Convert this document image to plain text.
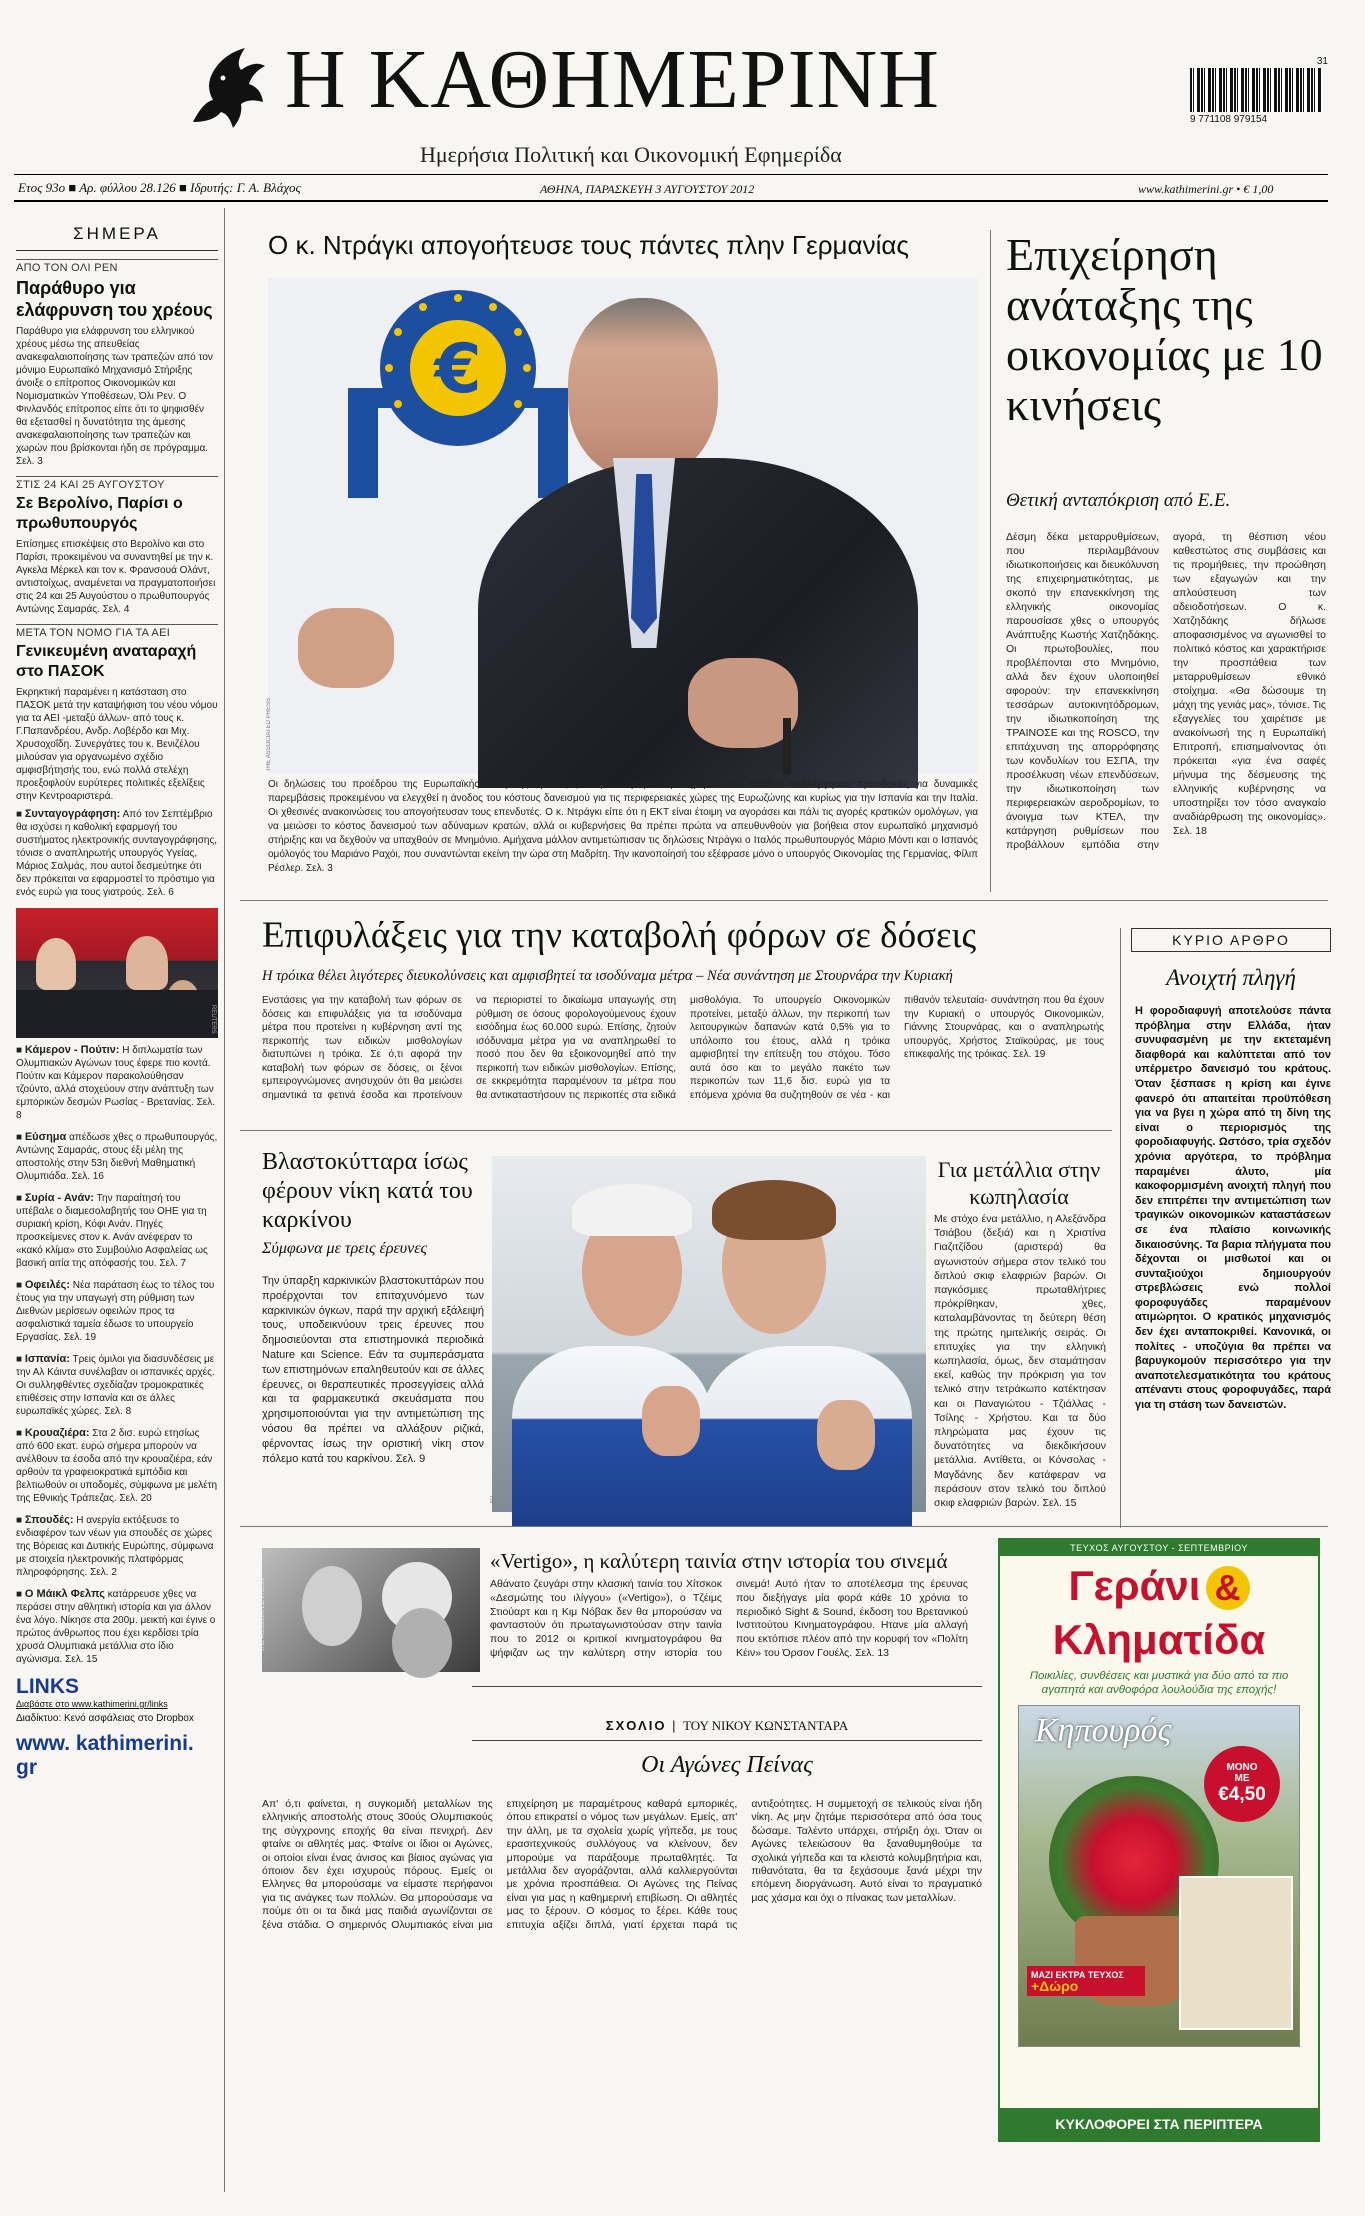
Η ΚΑΘΗΜΕΡΙΝΗ
Ημερήσια Πολιτική και Οικονομική Εφημερίδα
31
9 771108 979154
Ετος 93ο ■ Αρ. φύλλου 28.126 ■ Ιδρυτής: Γ. Α. Βλάχος	ΑΘΗΝΑ, ΠΑΡΑΣΚΕΥΗ 3 ΑΥΓΟΥΣΤΟΥ 2012	www.kathimerini.gr • € 1,00
ΣΗΜΕΡΑ
ΑΠΟ ΤΟΝ ΟΛΙ ΡΕΝ
Παράθυρο για ελάφρυνση του χρέους
Παράθυρο για ελάφρυνση του ελληνικού χρέους μέσω της απευθείας ανακεφαλαιοποίησης των τραπεζών από τον μόνιμο Ευρωπαϊκό Μηχανισμό Στήριξης άνοιξε ο επίτροπος Οικονομικών και Νομισματικών Υποθέσεων, Όλι Ρεν. Ο Φινλανδός επίτροπος είπε ότι το ψηφισθέν θα εξετασθεί η δυνατότητα της άμεσης ανακεφαλαιοποίησης των τραπεζών και χωρών που βρίσκονται ήδη σε πρόγραμμα. Σελ. 3
ΣΤΙΣ 24 ΚΑΙ 25 ΑΥΓΟΥΣΤΟΥ
Σε Βερολίνο, Παρίσι ο πρωθυπουργός
Επίσημες επισκέψεις στο Βερολίνο και στο Παρίσι, προκειμένου να συναντηθεί με την κ. Αγκελα Μέρκελ και τον κ. Φρανσουά Ολάντ, αντιστοίχως, αναμένεται να πραγματοποιήσει στις 24 και 25 Αυγούστου ο πρωθυπουργός Αντώνης Σαμαράς. Σελ. 4
ΜΕΤΑ ΤΟΝ ΝΟΜΟ ΓΙΑ ΤΑ ΑΕΙ
Γενικευμένη αναταραχή στο ΠΑΣΟΚ
Εκρηκτική παραμένει η κατάσταση στο ΠΑΣΟΚ μετά την καταψήφιση του νέου νόμου για τα ΑΕΙ -μεταξύ άλλων- από τους κ. Γ.Παπανδρέου, Ανδρ. Λοβέρδο και Μιχ. Χρυσοχοΐδη. Συνεργάτες του κ. Βενιζέλου μιλούσαν για οργανωμένο σχέδιο αμφισβήτησής του, ενώ πολλά στελέχη προεξοφλούν ευρύτερες πολιτικές εξελίξεις στην Κεντροαριστερά.
■ Συνταγογράφηση: Από τον Σεπτέμβριο θα ισχύσει η καθολική εφαρμογή του συστήματος ηλεκτρονικής συνταγογράφησης, τόνισε ο αναπληρωτής υπουργός Υγείας, Μάριος Σαλμάς, που αυτοί δεσμεύτηκε ότι δεν πρόκειται να εφαρμοστεί το πρόστιμο για ενός ευρώ για τους γιατρούς. Σελ. 6
REUTERS
■ Κάμερον - Πούτιν: Η διπλωματία των Ολυμπιακών Αγώνων τους έφερε πιο κοντά. Πούτιν και Κάμερον παρακολούθησαν τζούντο, αλλά στοχεύουν στην ανάπτυξη των εμπορικών δεσμών Ρωσίας - Βρετανίας. Σελ. 8
■ Εύσημα απέδωσε χθες ο πρωθυπουργός, Αντώνης Σαμαράς, στους έξι μέλη της αποστολής στην 53η διεθνή Μαθηματική Ολυμπιάδα. Σελ. 16
■ Συρία - Ανάν: Την παραίτησή του υπέβαλε ο διαμεσολαβητής του ΟΗΕ για τη συριακή κρίση, Κόφι Ανάν. Πηγές προσκείμενες στον κ. Ανάν ανέφεραν το «κακό κλίμα» στο Συμβούλιο Ασφαλείας ως βασική αιτία της απόφασής του. Σελ. 7
■ Οφειλές: Νέα παράταση έως το τέλος του έτους για την υπαγωγή στη ρύθμιση των Διεθνών μερίσεων οφειλών προς τα ασφαλιστικά ταμεία έδωσε το υπουργείο Εργασίας. Σελ. 19
■ Ισπανία: Τρεις όμιλοι για διασυνδέσεις με την Αλ Κάιντα συνέλαβαν οι ισπανικές αρχές. Οι συλληφθέντες σχεδίαζαν τρομοκρατικές επιθέσεις στην Ισπανία και σε άλλες ευρωπαϊκές χώρες. Σελ. 8
■ Κρουαζιέρα: Στα 2 δισ. ευρώ ετησίως από 600 εκατ. ευρώ σήμερα μπορούν να ανέλθουν τα έσοδα από την κρουαζιέρα, εάν αρθούν τα γραφειοκρατικά εμπόδια και βελτιωθούν οι υποδομές, σύμφωνα με μελέτη της Εθνικής Τράπεζας. Σελ. 20
■ Σπουδές: Η ανεργία εκτόξευσε το ενδιαφέρον των νέων για σπουδές σε χώρες της Βόρειας και Δυτικής Ευρώπης, σύμφωνα με στοιχεία ηλεκτρονικής πλατφόρμας πληροφόρησης. Σελ. 2
■ Ο Μάικλ Φελπς κατάρρευσε χθες να περάσει στην αθλητική ιστορία και για άλλον ένα λόγο. Νίκησε στα 200μ. μεικτή και έγινε ο πρώτος άνθρωπος που έχει κερδίσει τρία χρυσά Ολυμπιακά μετάλλια στο ίδιο αγώνισμα. Σελ. 15
LINKS
Διαβάστε στο www.kathimerini.gr/links
Διαδίκτυο: Κενό ασφάλειας στο Dropbox
www. kathimerini. gr
Ο κ. Ντράγκι απογοήτευσε τους πάντες πλην Γερμανίας
€
THE ASSOCIATED PRESS
Οι δηλώσεις του προέδρου της Ευρωπαϊκής Κεντρικής Τράπεζας, Μάριο Ντράγκι, προ ημερών στο Λονδίνο καλλιέργησαν προσδοκίες για δυναμικές παρεμβάσεις προκειμένου να ελεγχθεί η άνοδος του κόστους δανεισμού για τις περιφερειακές χώρες της Ευρωζώνης και κυρίως για την Ισπανία και την Ιταλία. Οι χθεσινές ανακοινώσεις του απογοήτευσαν τους επενδυτές. Ο κ. Ντράγκι είπε ότι η ΕΚΤ είναι έτοιμη να αγοράσει και πάλι τις αγορές κρατικών ομολόγων, για να μειώσει το κόστος δανεισμού των αδύναμων κρατών, αλλά οι κυβερνήσεις θα πρέπει πρώτα να απευθυνθούν για βοήθεια στον ευρωπαϊκό μηχανισμό στήριξης και να δεχθούν να υπαχθούν σε Μνημόνιο. Αμήχανα μάλλον αντιμετώπισαν τις δηλώσεις Ντράγκι ο Ιταλός πρωθυπουργός Μάριο Μόντι και ο Ισπανός ομόλογός του Μαριάνο Ραχόι, που συναντώνται εκείνη την ώρα στη Μαδρίτη. Την ικανοποίησή του εξέφρασε μόνο ο υπουργός Οικονομίας της Γερμανίας, Φίλιπ Ρέσλερ. Σελ. 3
Επιχείρηση ανάταξης της οικονομίας με 10 κινήσεις
Θετική ανταπόκριση από Ε.Ε.
Δέσμη δέκα μεταρρυθμίσεων, που περιλαμβάνουν ιδιωτικοποιήσεις και διευκόλυνση της επιχειρηματικότητας, με σκοπό την επανεκκίνηση της ελληνικής οικονομίας παρουσίασε χθες ο υπουργός Ανάπτυξης Κωστής Χατζηδάκης. Οι πρωτοβουλίες, που προβλέπονται στο Μνημόνιο, αλλά δεν έχουν υλοποιηθεί αφορούν: την επανεκκίνηση τεσσάρων αυτοκινητόδρομων, την ιδιωτικοποίηση της ΤΡΑΙΝΟΣΕ και της ROSCO, την επιτάχυνση της απορρόφησης των κονδυλίων του ΕΣΠΑ, την προσέλκυση νέων επενδύσεων, την ιδιωτικοποίηση των περιφερειακών αεροδρομίων, το άνοιγμα των ΚΤΕΛ, την κατάργηση ρυθμίσεων που προβάλλουν εμπόδια στην αγορά, τη θέσπιση νέου καθεστώτος στις συμβάσεις και τις προμήθειες, την προώθηση των εξαγωγών και την απλούστευση των αδειοδοτήσεων. Ο κ. Χατζηδάκης δήλωσε αποφασισμένος να αγωνισθεί το πολιτικό κόστος και χαρακτήρισε την προσπάθεια των μεταρρυθμίσεων εθνικό στοίχημα. «Θα δώσουμε τη μάχη της γενιάς μας», τόνισε. Τις εξαγγελίες του χαιρέτισε με ανακοίνωσή της η Ευρωπαϊκή Επιτροπή, επισημαίνοντας ότι πρόκειται «για ένα σαφές μήνυμα της δέσμευσης της ελληνικής κυβέρνησης να υποστηρίξει τον τόσο αναγκαίο αναδιάρθρωση της οικονομίας». Σελ. 18
Επιφυλάξεις για την καταβολή φόρων σε δόσεις
Η τρόικα θέλει λιγότερες διευκολύνσεις και αμφισβητεί τα ισοδύναμα μέτρα – Νέα συνάντηση με Στουρνάρα την Κυριακή
Ενστάσεις για την καταβολή των φόρων σε δόσεις και επιφυλάξεις για τα ισοδύναμα μέτρα που προτείνει η κυβέρνηση αντί της περικοπής των ειδικών μισθολογίων διατυπώνει η τρόικα. Σε ό,τι αφορά την καταβολή των φόρων σε δόσεις, οι ξένοι εμπειρογνώμονες ανησυχούν ότι θα μειώσει σημαντικά τα φετινά έσοδα και προτείνουν να περιοριστεί το δικαίωμα υπαγωγής στη ρύθμιση σε όσους φορολογούμενους έχουν εισόδημα έως 60.000 ευρώ. Επίσης, ζητούν ισόδυναμα μέτρα για να αναπληρωθεί το ποσό που δεν θα εξοικονομηθεί από την περικοπή των ειδικών μισθολογίων. Επίσης, σε εκκρεμότητα παραμένουν τα μέτρα που θα αντικαταστήσουν τις περικοπές στα ειδικά μισθολόγια. Το υπουργείο Οικονομικών προτείνει, μεταξύ άλλων, την περικοπή των λειτουργικών δαπανών κατά 0,5% για το υπόλοιπο του έτους, αλλά η τρόικα αμφισβητεί την επίτευξη του στόχου. Τόσο αυτά όσο και το μεγάλο πακέτο των περικοπών των 11,6 δισ. ευρώ για τα επόμενα χρόνια θα συζητηθούν σε νέα - και πιθανόν τελευταία- συνάντηση που θα έχουν την Κυριακή ο υπουργός Οικονομικών, Γιάννης Στουρνάρας, και ο αναπληρωτής υπουργός, Χρήστος Σταϊκούρας, με τους επικεφαλής της τρόικας. Σελ. 19
ΚΥΡΙΟ ΑΡΘΡΟ
Ανοιχτή πληγή
Η φοροδιαφυγή αποτελούσε πάντα πρόβλημα στην Ελλάδα, ήταν συνυφασμένη με την εκτεταμένη διαφθορά και καλύπτεται από τον υπέρμετρο δανεισμό του κράτους. Όταν ξέσπασε η κρίση και έγινε φανερό ότι απαιτείται προϋπόθεση για να βγει η χώρα από τη δίνη της είναι ο περιορισμός της φοροδιαφυγής. Ωστόσο, τρία σχεδόν χρόνια αργότερα, το πρόβλημα παραμένει άλυτο, μία κακοφορμισμένη ανοιχτή πληγή που δεν επιτρέπει την αντιμετώπιση των τραγικών οικονομικών καταστάσεων σε ένα πλαίσιο κοινωνικής δικαιοσύνης. Τα βαρια πλήγματα που δέχονται οι μισθωτοί και οι συνταξιούχοι δημιουργούν στρεβλώσεις ενώ πολλοί φοροφυγάδες παραμένουν ατιμώρητοι. Ο κρατικός μηχανισμός δεν έχει ανταποκριθεί. Κανονικά, οι πολίτες - υποζύγια θα πρέπει να βαρυγκομούν περισσότερο για την αναποτελεσματικότητα του κράτους απέναντι στους φοροφυγάδες, παρά για τη στάση των δανειστών.
Βλαστοκύτταρα ίσως φέρουν νίκη κατά του καρκίνου
Σύμφωνα με τρεις έρευνες
Την ύπαρξη καρκινικών βλαστοκυττάρων που προέρχονται τον επιταχυνόμενο των καρκινικών όγκων, παρά την αρχική εξάλειψή τους, υποδεικνύουν τρεις έρευνες που δημοσιεύονται στα επιστημονικά περιοδικά Nature και Science. Εάν τα συμπεράσματα των επιστημόνων επαληθευτούν και σε άλλες έρευνες, οι θεραπευτικές προσεγγίσεις αλλά και τα φαρμακευτικά σκευάσματα που χρησιμοποιούνται για την αντιμετώπιση της νόσου θα πρέπει να αλλάξουν ριζικά, φέρνοντας ίσως την οριστική νίκη στον πόλεμο κατά του καρκίνου. Σελ. 9
AP
Για μετάλλια στην κωπηλασία
Με στόχο ένα μετάλλιο, η Αλεξάνδρα Τσιάβου (δεξιά) και η Χριστίνα Γιαζιτζίδου (αριστερά) θα αγωνιστούν σήμερα στον τελικό του διπλού σκιφ ελαφριών βαρών. Οι παγκόσμιες πρωταθλήτριες πρόκρίθηκαν, χθες, καταλαμβάνοντας τη δεύτερη θέση της πρώτης ημιτελικής σειράς. Οι επιτυχίες για την ελληνική κωπηλασία, όμως, δεν σταμάτησαν εκεί, καθώς την πρόκριση για τον τελικό στην τετράκωπο κατέκτησαν και οι Παναγιώτου - Τζιάλλας - Τσίλης - Χρήστου. Και τα δύο πληρώματα μας έχουν τις δυνατότητες να διεκδικήσουν μετάλλια. Αντίθετα, οι Κόνσολας - Μαγδάνης δεν κατάφεραν να περάσουν στον τελικό του διπλού σκιφ ελαφριών βαρών. Σελ. 15
THE ASSOCIATED PRESS
«Vertigo», η καλύτερη ταινία στην ιστορία του σινεμά
Αθάνατο ζευγάρι στην κλασική ταινία του Χίτσκοκ «Δεσμώτης του ιλίγγου» («Vertigo»), ο Τζέιμς Στιούαρτ και η Κιμ Νόβακ δεν θα μπορούσαν να φανταστούν ότι πρωταγωνιστούσαν στην ταινία που το 2012 οι κριτικοί κινηματογράφου θα ψήφιζαν ως την καλύτερη στην ιστορία του σινεμά! Αυτό ήταν το αποτέλεσμα της έρευνας που διεξήγαγε μία φορά κάθε 10 χρόνια το περιοδικό Sight & Sound, έκδοση του Βρετανικού Ινστιτούτου Κινηματογράφου. Ητανε μία αλλαγή που εκτόπισε πλέον από την κορυφή τον «Πολίτη Κέιν» του Όρσον Γουέλς. Σελ. 13
ΣΧΟΛΙΟ | ΤΟΥ ΝΙΚΟΥ ΚΩΝΣΤΑΝΤΑΡΑ
Οι Αγώνες Πείνας
Απ' ό,τι φαίνεται, η συγκομιδή μεταλλίων της ελληνικής αποστολής στους 30ούς Ολυμπιακούς της σύγχρονης εποχής θα είναι πενιχρή. Δεν φταίνε οι αθλητές μας. Φταίνε οι ίδιοι οι Αγώνες, οι οποίοι είναι ένας άνισος και βίαιος αγώνας για όποιον δεν έχει ισχυρούς πόρους. Εμείς οι Ελληνες θα μπορούσαμε να είμαστε περήφανοι για τις ανάγκες των πολλών. Θα μπορούσαμε να πούμε ότι οι τα δικά μας παιδιά αγωνίζονται σε ξένα στάδια. Ο σημερινός Ολυμπιακός είναι μια επιχείρηση με παραμέτρους καθαρά εμπορικές, όπου επικρατεί ο νόμος των μεγάλων. Εμείς, απ' την άλλη, με τα σχολεία χωρίς γήπεδα, με τους ερασιτεχνικούς συλλόγους να κλείνουν, δεν μπορούμε να παράξουμε πρωταθλητές. Τα μετάλλια δεν αγοράζονται, αλλά καλλιεργούνται με χρόνια προσπάθεια. Οι Αγώνες της Πείνας είναι για μας η καθημερινή επιβίωση. Οι αθλητές μας το ξέρουν. Ο κόσμος το ξέρει. Κάθε τους επιτυχία αξίζει διπλά, γιατί έρχεται παρά τις αντιξοότητες. Η συμμετοχή σε τελικούς είναι ήδη νίκη. Ας μην ζητάμε περισσότερα από όσα τους δώσαμε. Ταλέντο υπάρχει, στήριξη όχι. Όταν οι Αγώνες τελειώσουν θα ξαναθυμηθούμε τα σχολικά γήπεδα και τα κλειστά κολυμβητήρια και, πιθανότατα, θα τα ξεχάσουμε ξανά μέχρι την επόμενη διοργάνωση. Αυτό είναι το πραγματικό μας χάσμα και όχι ο πίνακας των μεταλλίων.
ΤΕΥΧΟΣ ΑΥΓΟΥΣΤΟΥ - ΣΕΠΤΕΜΒΡΙΟΥ
Γεράνι &
Κληματίδα
Ποικιλίες, συνθέσεις και μυστικά για δύο από τα πιο αγαπητά και ανθοφόρα λουλούδια της εποχής!
Κηπουρός
ΜΟΝΟ ΜΕ
€4,50
ΜΑΖΙ ΕΚΤΡΑ ΤΕΥΧΟΣ
+Δώρο
ΚΥΚΛΟΦΟΡΕΙ ΣΤΑ ΠΕΡΙΠΤΕΡΑ
